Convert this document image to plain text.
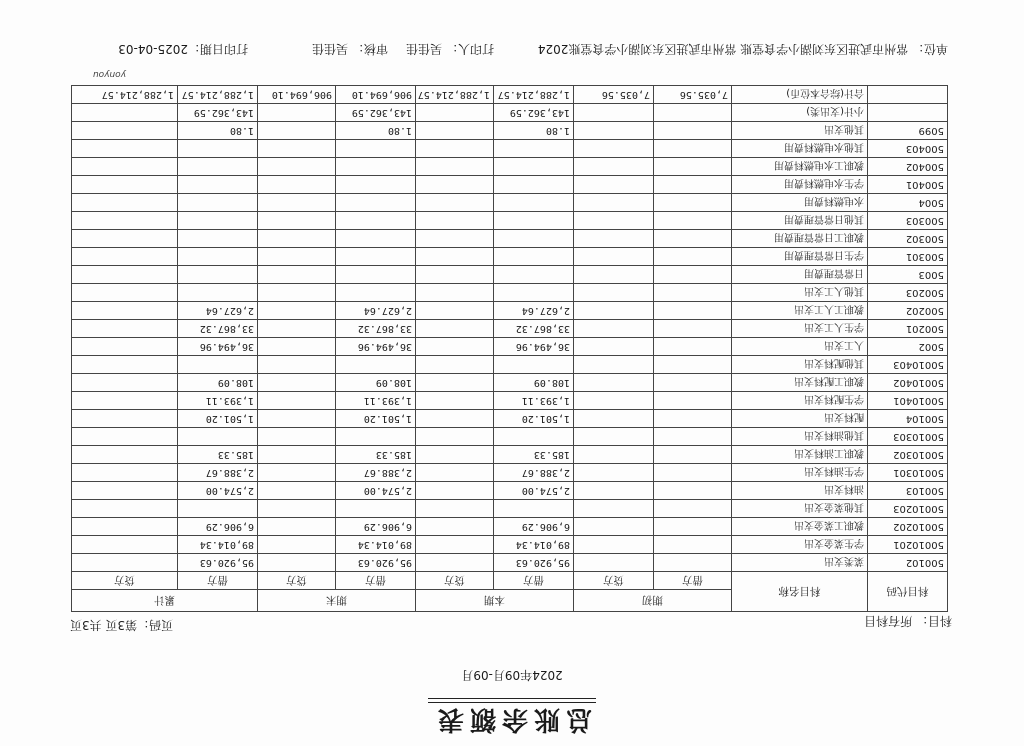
总账余额表
2024年09月-09月
科目： 所有科目
页码：第3页 共3页
科目代码	科目名称	期初		本期		期末		累计	
		借方	贷方	借方	贷方	借方	贷方	借方	贷方
500102	菜类支出			95,920.63		95,920.63		95,920.63	
50010201	学生菜金支出			89,014.34		89,014.34		89,014.34	
50010202	教职工菜金支出			6,906.29		6,906.29		6,906.29	
50010203	其他菜金支出								
500103	油料支出			2,574.00		2,574.00		2,574.00	
50010301	学生油料支出			2,388.67		2,388.67		2,388.67	
50010302	教职工油料支出			185.33		185.33		185.33	
50010303	其他油料支出								
500104	配料支出			1,501.20		1,501.20		1,501.20	
50010401	学生配料支出			1,393.11		1,393.11		1,393.11	
50010402	教职工配料支出			108.09		108.09		108.09	
50010403	其他配料支出								
5002	人工支出			36,494.96		36,494.96		36,494.96	
500201	学生人工支出			33,867.32		33,867.32		33,867.32	
500202	教职工人工支出			2,627.64		2,627.64		2,627.64	
500203	其他人工支出								
5003	日常管理费用								
500301	学生日常管理费用								
500302	教职工日常管理费用								
500303	其他日常管理费用								
5004	水电燃料费用								
500401	学生水电燃料费用								
500402	教职工水电燃料费用								
500403	其他水电燃料费用								
5099	其他支出			1.80		1.80		1.80	
	小计(支出类)			143,362.59		143,362.59		143,362.59	
	合计(综合本位币)	7,035.56	7,035.56	1,288,214.57	1,288,214.57	906,694.10	906,694.10	1,288,214.57	1,288,214.57
yonyou
单位： 常州市武进区东刘湖小学食堂账 常州市武进区东刘湖小学食堂账2024
打印人： 吴佳佳
审核： 吴佳佳
打印日期：2025-04-03
